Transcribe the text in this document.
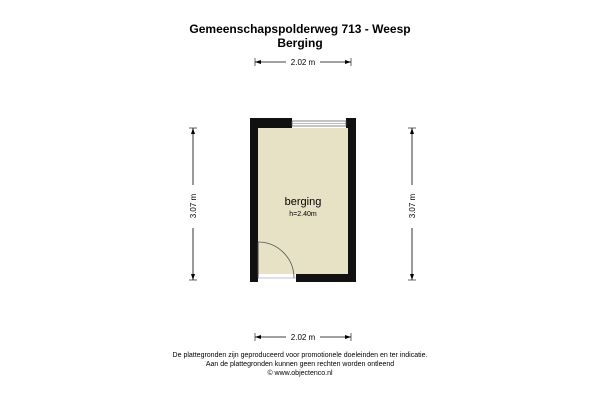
Gemeenschapspolderweg 713 - Weesp
Berging
berging
h=2.40m
2.02 m
2.02 m
3.07 m	3.07 m
De plattegronden zijn geproduceerd voor promotionele doeleinden en ter indicatie.
Aan de plattegronden kunnen geen rechten worden ontleend
© www.objectenco.nl
